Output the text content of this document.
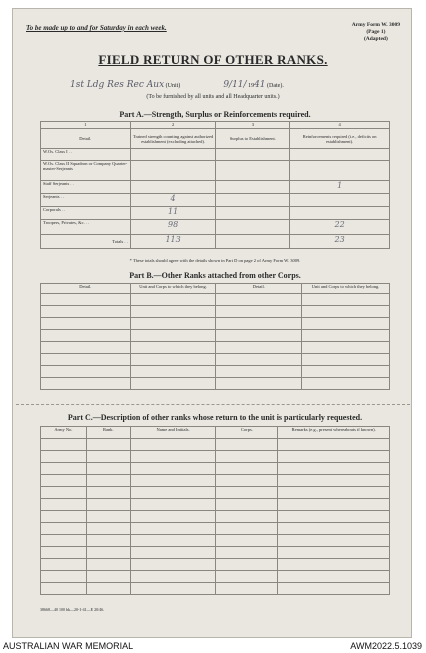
To be made up to and for Saturday in each week.	Army Form W. 3009
(Page 1)
(Adapted)
FIELD RETURN OF OTHER RANKS.
1st Ldg Res Rec Aux (Unit)	9/11/ 1941 (Date).
(To be furnished by all units and all Headquarter units.)
Part A.—Strength, Surplus or Reinforcements required.
1	2	3	4
Detail.	Trained strength counting against authorized establishment (excluding attached).	Surplus to Establishment.	Reinforcements required (i.e., deficits on establishment).
W.Os. Class I . .			
W.Os. Class II Squadron or Company Quarter-master-Serjeants			
Staff Serjeants . .			1
Serjeants . .	4		
Corporals . .	11		
Troopers, Privates, &c. . .	98		22
Totals . .	113		23
* These totals should agree with the details shown in Part D on page 2 of Army Form W. 3009.
Part B.—Other Ranks attached from other Corps.
Detail.	Unit and Corps to which they belong.	Detail.	Unit and Corps to which they belong.

Part C.—Description of other ranks whose return to the unit is particularly requested.
Army No.	Rank.	Name and Initials.	Corps.	Remarks (e.g., present whereabouts if known).

38668—40 100 bk—20-1-41—E 20/46.
AUSTRALIAN WAR MEMORIAL	AWM2022.5.1039
